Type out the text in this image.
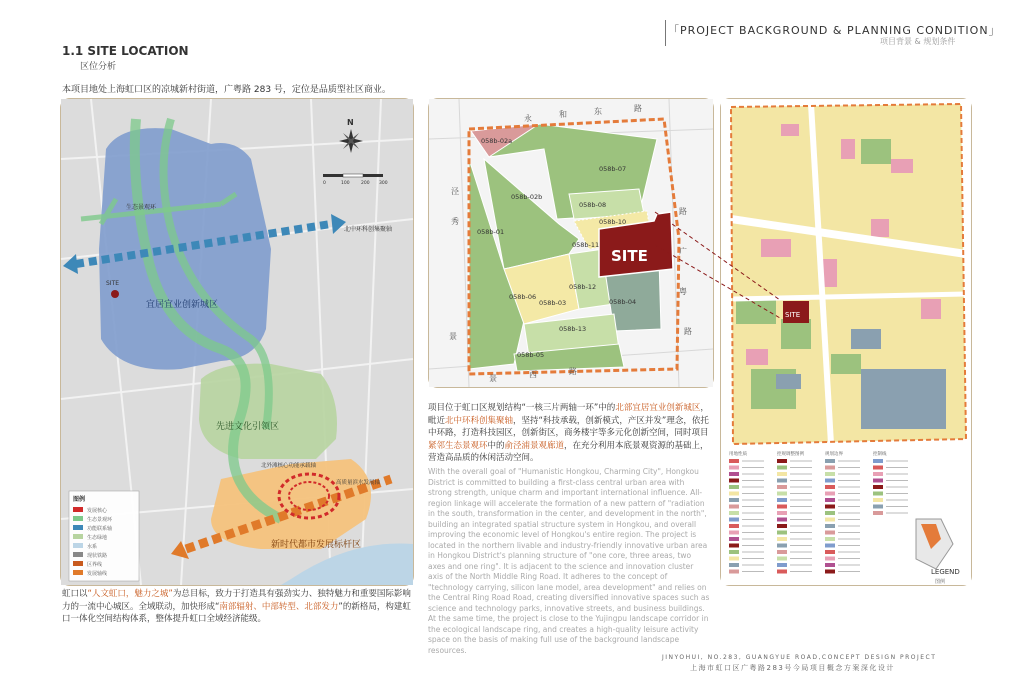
「PROJECT BACKGROUND & PLANNING CONDITION」
项目背景 & 规划条件
1.1 SITE LOCATION
区位分析
本项目地处上海虹口区的凉城新村街道，广粤路 283 号，定位是品质型社区商业。
N
0	100	200 300
生态景观环
北中环科创集聚轴
SITE
宜居宜业创新城区
先进文化引领区
北外滩核心功能承载轴
高质量滨水发展轴
新时代都市发展标杆区
图例
发展核心
生态景观环
功能联系轴
生态绿地
水系
现状铁路
区界线
发展轴线
SITE
058b-02a
058b-07
058b-02b
058b-08
058b-10
058b-01
058b-11
058b-06
058b-03
058b-12
058b-04
058b-13
058b-05
永	和	东	路
泾
秀
路
广
粤
路
景	西	路
景
SITE
用地性质	控规调整图例	规划边界	控制线
LEGEND
图例
项目位于虹口区规划结构“一核三片两轴一环”中的北部宜居宜业创新城区，毗近北中环科创集聚轴，坚持“科技承载，创新模式，产区并发”理念，依托中环路，打造科技园区，创新街区，商务楼宇等多元化创新空间，同时项目紧邻生态景观环中的俞泾浦景观廊道，在充分利用本底景观资源的基础上，营造高品质的休闲活动空间。
With the overall goal of "Humanistic Hongkou, Charming City", Hongkou District is committed to building a first-class central urban area with strong strength, unique charm and important international influence. All-region linkage will accelerate the formation of a new pattern of "radiation in the south, transformation in the center, and development in the north", building an integrated spatial structure system in Hongkou, and overall improving the economic level of Hongkou's entire region. The project is located in the northern livable and industry-friendly innovative urban area in Hongkou District's planning structure of "one core, three areas, two axes and one ring". It is adjacent to the science and innovation cluster axis of the North Middle Ring Road. It adheres to the concept of "technology carrying, silicon lane model, area development" and relies on the Central Ring Road Road, creating diversified innovative spaces such as science and technology parks, innovative streets, and business buildings. At the same time, the project is close to the Yujingpu landscape corridor in the ecological landscape ring, and creates a high-quality leisure activity space on the basis of making full use of the background landscape resources.
虹口以“人文虹口，魅力之城”为总目标，致力于打造具有强劲实力、独特魅力和重要国际影响力的一流中心城区。全域联动，加快形成“南部辐射、中部转型、北部发力”的新格局，构建虹口一体化空间结构体系，整体提升虹口全域经济能级。
JINYOHUI, NO.283, GUANGYUE ROAD,CONCEPT DESIGN PROJECT
上海市虹口区广粤路283号今局项目概念方案深化设计
